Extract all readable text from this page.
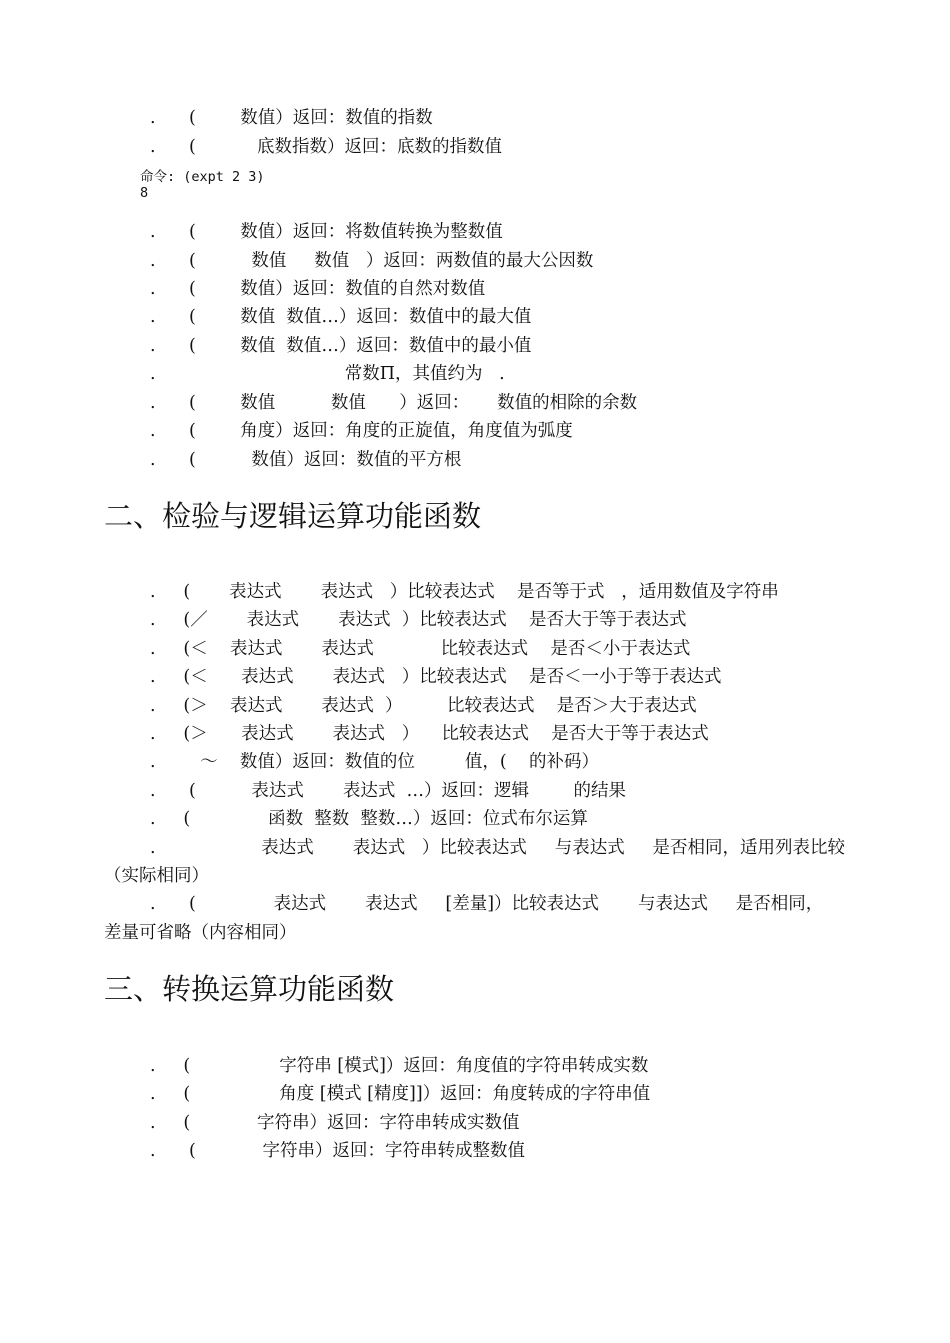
.      (        数值）返回：数值的指数

.      (           底数指数）返回：底数的指数值

命令: (expt 2 3)

8

.      (        数值）返回：将数值转换为整数值

.      (          数值     数值   ）返回：两数值的最大公因数

.      (        数值）返回：数值的自然对数值

.      (        数值  数值…）返回：数值中的最大值

.      (        数值  数值…）返回：数值中的最小值

.                                  常数Π，其值约为   .

.      (        数值          数值      ）返回：     数值的相除的余数

.      (        角度）返回：角度的正旋值，角度值为弧度

.      (          数值）返回：数值的平方根

二、检验与逻辑运算功能函数

.     (       表达式       表达式   ）比较表达式    是否等于式   ，适用数值及字符串

.     (／       表达式       表达式  ）比较表达式    是否大于等于表达式

.     (＜    表达式       表达式            比较表达式    是否＜小于表达式

.     (＜      表达式       表达式   ）比较表达式    是否＜一小于等于表达式

.     (＞    表达式       表达式  ）        比较表达式    是否＞大于表达式

.     (＞      表达式       表达式   ）    比较表达式    是否大于等于表达式

.        ～    数值）返回：数值的位         值，(    的补码）

.      (          表达式       表达式  …）返回：逻辑        的结果

.     (              函数  整数  整数…）返回：位式布尔运算

.                   表达式       表达式   ）比较表达式     与表达式     是否相同，适用列表比较

（实际相同）

.      (              表达式       表达式     [差量]）比较表达式       与表达式     是否相同，

差量可省略（内容相同）

三、转换运算功能函数

.     (                字符串 [模式]）返回：角度值的字符串转成实数

.     (                角度 [模式 [精度]]）返回：角度转成的字符串值

.     (            字符串）返回：字符串转成实数值

.      (            字符串）返回：字符串转成整数值
